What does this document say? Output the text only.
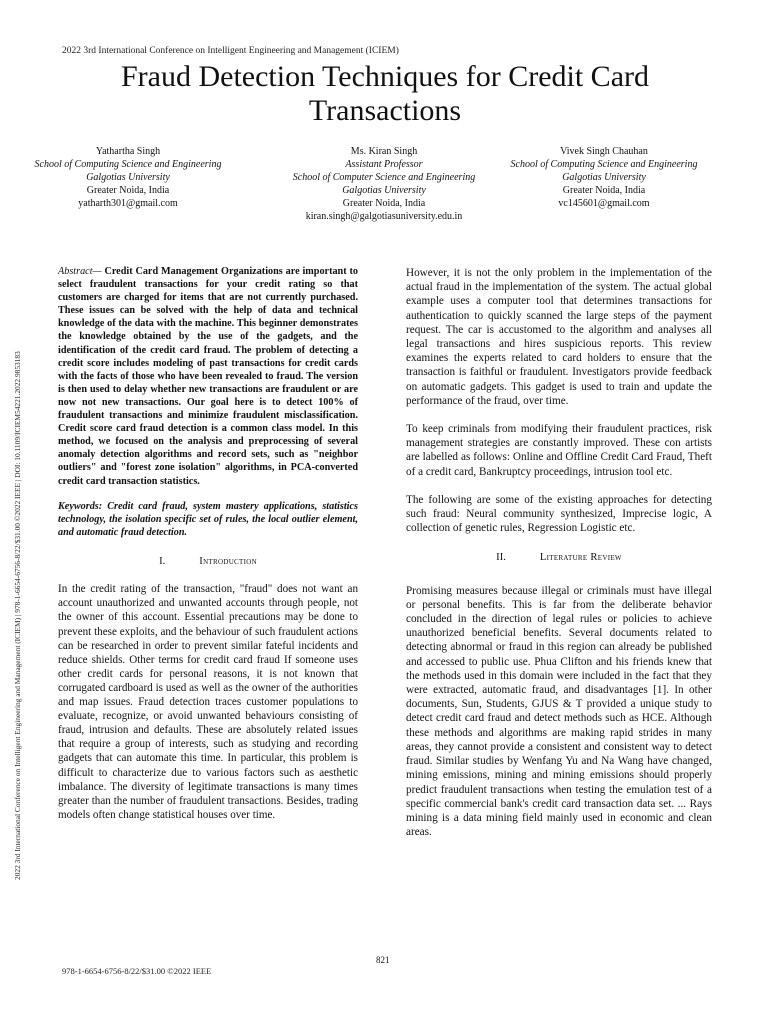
2022 3rd International Conference on Intelligent Engineering and Management (ICIEM)
2022 3rd International Conference on Intelligent Engineering and Management (ICIEM) | 978-1-6654-6756-8/22/$31.00 ©2022 IEEE | DOI: 10.1109/ICIEM54221.2022.9853183
Fraud Detection Techniques for Credit Card Transactions
Yathartha Singh
School of Computing Science and Engineering
Galgotias University
Greater Noida, India
yatharth301@gmail.com
Ms. Kiran Singh
Assistant Professor
School of Computer Science and Engineering
Galgotias University
Greater Noida, India
kiran.singh@galgotiasuniversity.edu.in
Vivek Singh Chauhan
School of Computing Science and Engineering
Galgotias University
Greater Noida, India
vc145601@gmail.com

Abstract— Credit Card Management Organizations are important to select fraudulent transactions for your credit rating so that customers are charged for items that are not currently purchased. These issues can be solved with the help of data and technical knowledge of the data with the machine. This beginner demonstrates the knowledge obtained by the use of the gadgets, and the identification of the credit card fraud. The problem of detecting a credit score includes modeling of past transactions for credit cards with the facts of those who have been revealed to fraud. The version is then used to delay whether new transactions are fraudulent or are now not new transactions. Our goal here is to detect 100% of fraudulent transactions and minimize fraudulent misclassification. Credit score card fraud detection is a common class model. In this method, we focused on the analysis and preprocessing of several anomaly detection algorithms and record sets, such as "neighbor outliers" and "forest zone isolation" algorithms, in PCA-converted credit card transaction statistics.

Keywords: Credit card fraud, system mastery applications, statistics technology, the isolation specific set of rules, the local outlier element, and automatic fraud detection.

I.	Introduction

In the credit rating of the transaction, "fraud" does not want an account unauthorized and unwanted accounts through people, not the owner of this account. Essential precautions may be done to prevent these exploits, and the behaviour of such fraudulent actions can be researched in order to prevent similar fateful incidents and reduce shields. Other terms for credit card fraud If someone uses other credit cards for personal reasons, it is not known that corrugated cardboard is used as well as the owner of the authorities and map issues. Fraud detection traces customer populations to evaluate, recognize, or avoid unwanted behaviours consisting of fraud, intrusion and defaults. These are absolutely related issues that require a group of interests, such as studying and recording gadgets that can automate this time. In particular, this problem is difficult to characterize due to various factors such as aesthetic imbalance. The diversity of legitimate transactions is many times greater than the number of fraudulent transactions. Besides, trading models often change statistical houses over time.

However, it is not the only problem in the implementation of the actual fraud in the implementation of the system. The actual global example uses a computer tool that determines transactions for authentication to quickly scanned the large steps of the payment request. The car is accustomed to the algorithm and analyses all legal transactions and hires suspicious reports. This review examines the experts related to card holders to ensure that the transaction is faithful or fraudulent. Investigators provide feedback on automatic gadgets. This gadget is used to train and update the performance of the fraud, over time.

To keep criminals from modifying their fraudulent practices, risk management strategies are constantly improved. These con artists are labelled as follows: Online and Offline Credit Card Fraud, Theft of a credit card, Bankruptcy proceedings, intrusion tool etc.

The following are some of the existing approaches for detecting such fraud: Neural community synthesized, Imprecise logic, A collection of genetic rules, Regression Logistic etc.

II.	Literature Review

Promising measures because illegal or criminals must have illegal or personal benefits. This is far from the deliberate behavior concluded in the direction of legal rules or policies to achieve unauthorized beneficial benefits. Several documents related to detecting abnormal or fraud in this region can already be published and accessed to public use. Phua Clifton and his friends knew that the methods used in this domain were included in the fact that they were extracted, automatic fraud, and disadvantages [1]. In other documents, Sun, Students, GJUS & T provided a unique study to detect credit card fraud and detect methods such as HCE. Although these methods and algorithms are making rapid strides in many areas, they cannot provide a consistent and consistent way to detect fraud. Similar studies by Wenfang Yu and Na Wang have changed, mining emissions, mining and mining emissions should properly predict fraudulent transactions when testing the emulation test of a specific commercial bank's credit card transaction data set. ... Rays mining is a data mining field mainly used in economic and clean areas.

821
978-1-6654-6756-8/22/$31.00 ©2022 IEEE
